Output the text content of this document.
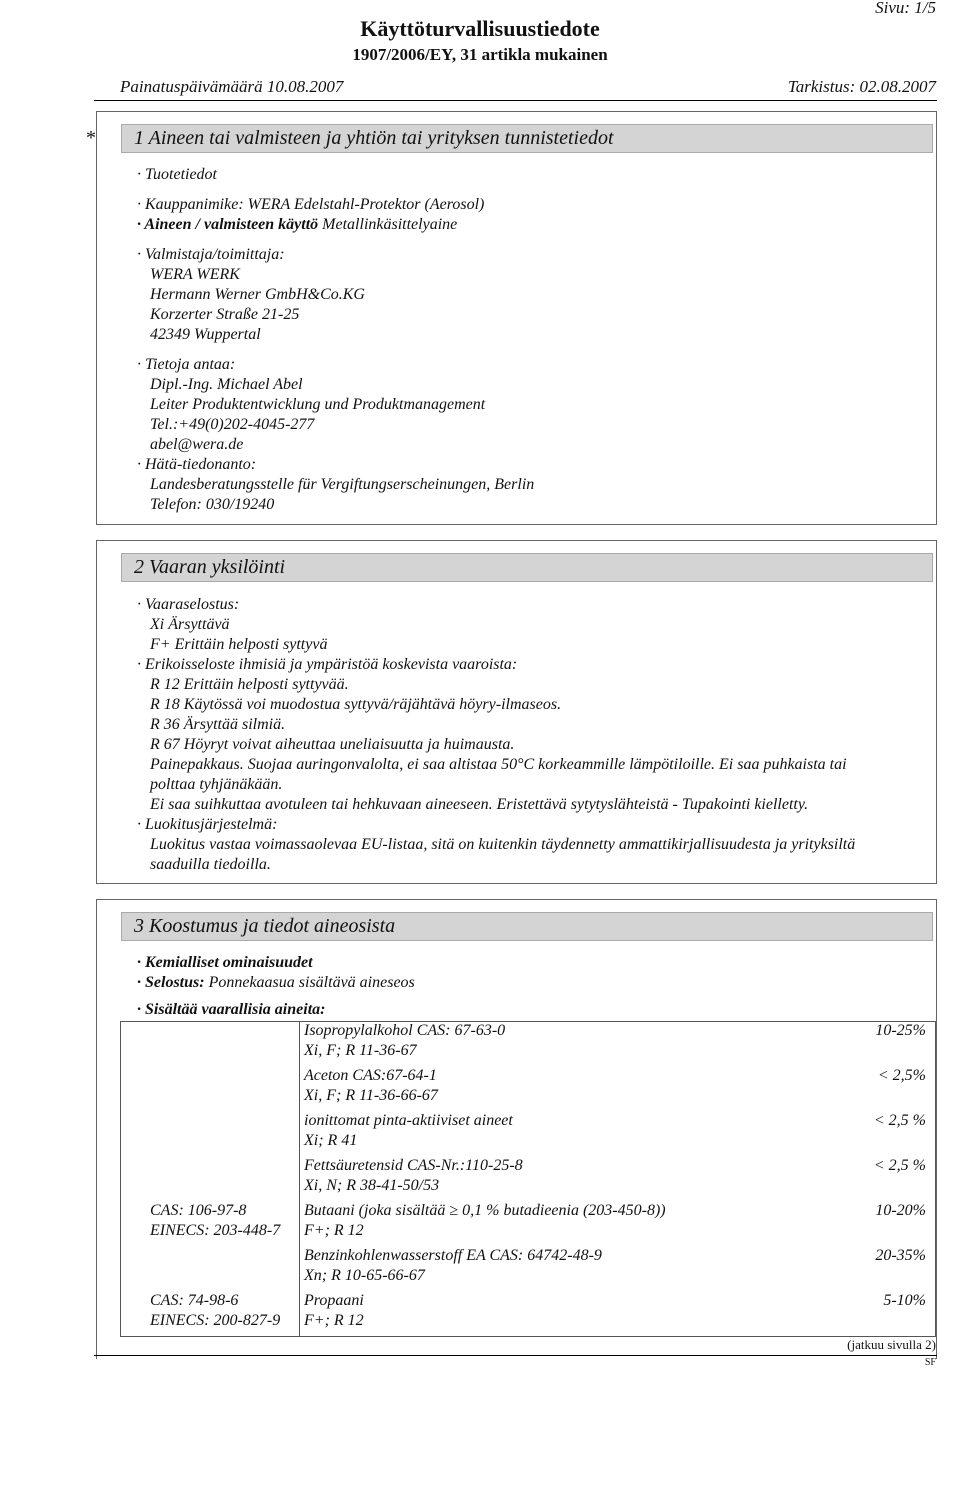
Sivu: 1/5
Käyttöturvallisuustiedote
1907/2006/EY, 31 artikla mukainen
Painatuspäivämäärä 10.08.2007	Tarkistus: 02.08.2007
*	1 Aineen tai valmisteen ja yhtiön tai yrityksen tunnistetiedot
· Tuotetiedot
· Kauppanimike: WERA Edelstahl-Protektor (Aerosol)
· Aineen / valmisteen käyttö Metallinkäsittelyaine
· Valmistaja/toimittaja:
WERA WERK
Hermann Werner GmbH&Co.KG
Korzerter Straße 21-25
42349 Wuppertal
· Tietoja antaa:
Dipl.-Ing. Michael Abel
Leiter Produktentwicklung und Produktmanagement
Tel.:+49(0)202-4045-277
abel@wera.de
· Hätä-tiedonanto:
Landesberatungsstelle für Vergiftungserscheinungen, Berlin
Telefon: 030/19240
2 Vaaran yksilöinti
· Vaaraselostus:
Xi Ärsyttävä
F+ Erittäin helposti syttyvä
· Erikoisseloste ihmisiä ja ympäristöä koskevista vaaroista:
R 12 Erittäin helposti syttyvää.
R 18 Käytössä voi muodostua syttyvä/räjähtävä höyry-ilmaseos.
R 36 Ärsyttää silmiä.
R 67 Höyryt voivat aiheuttaa uneliaisuutta ja huimausta.
Painepakkaus. Suojaa auringonvalolta, ei saa altistaa 50°C korkeammille lämpötiloille. Ei saa puhkaista tai
polttaa tyhjänäkään.
Ei saa suihkuttaa avotuleen tai hehkuvaan aineeseen. Eristettävä sytytyslähteistä - Tupakointi kielletty.
· Luokitusjärjestelmä:
Luokitus vastaa voimassaolevaa EU-listaa, sitä on kuitenkin täydennetty ammattikirjallisuudesta ja yrityksiltä
saaduilla tiedoilla.
3 Koostumus ja tiedot aineosista
· Kemialliset ominaisuudet
· Selostus: Ponnekaasua sisältävä aineseos
· Sisältää vaarallisia aineita:
Isopropylalkohol CAS: 67-63-0
Xi, F; R 11-36-67
10-25%
Aceton CAS:67-64-1
Xi, F; R 11-36-66-67
< 2,5%
ionittomat pinta-aktiiviset aineet
Xi; R 41
< 2,5 %
Fettsäuretensid CAS-Nr.:110-25-8
Xi, N; R 38-41-50/53
< 2,5 %
CAS: 106-97-8
EINECS: 203-448-7
Butaani (joka sisältää ≥ 0,1 % butadieenia (203-450-8))
F+; R 12
10-20%
Benzinkohlenwasserstoff EA CAS: 64742-48-9
Xn; R 10-65-66-67
20-35%
CAS: 74-98-6
EINECS: 200-827-9
Propaani
F+; R 12
5-10%
(jatkuu sivulla 2)
SF
